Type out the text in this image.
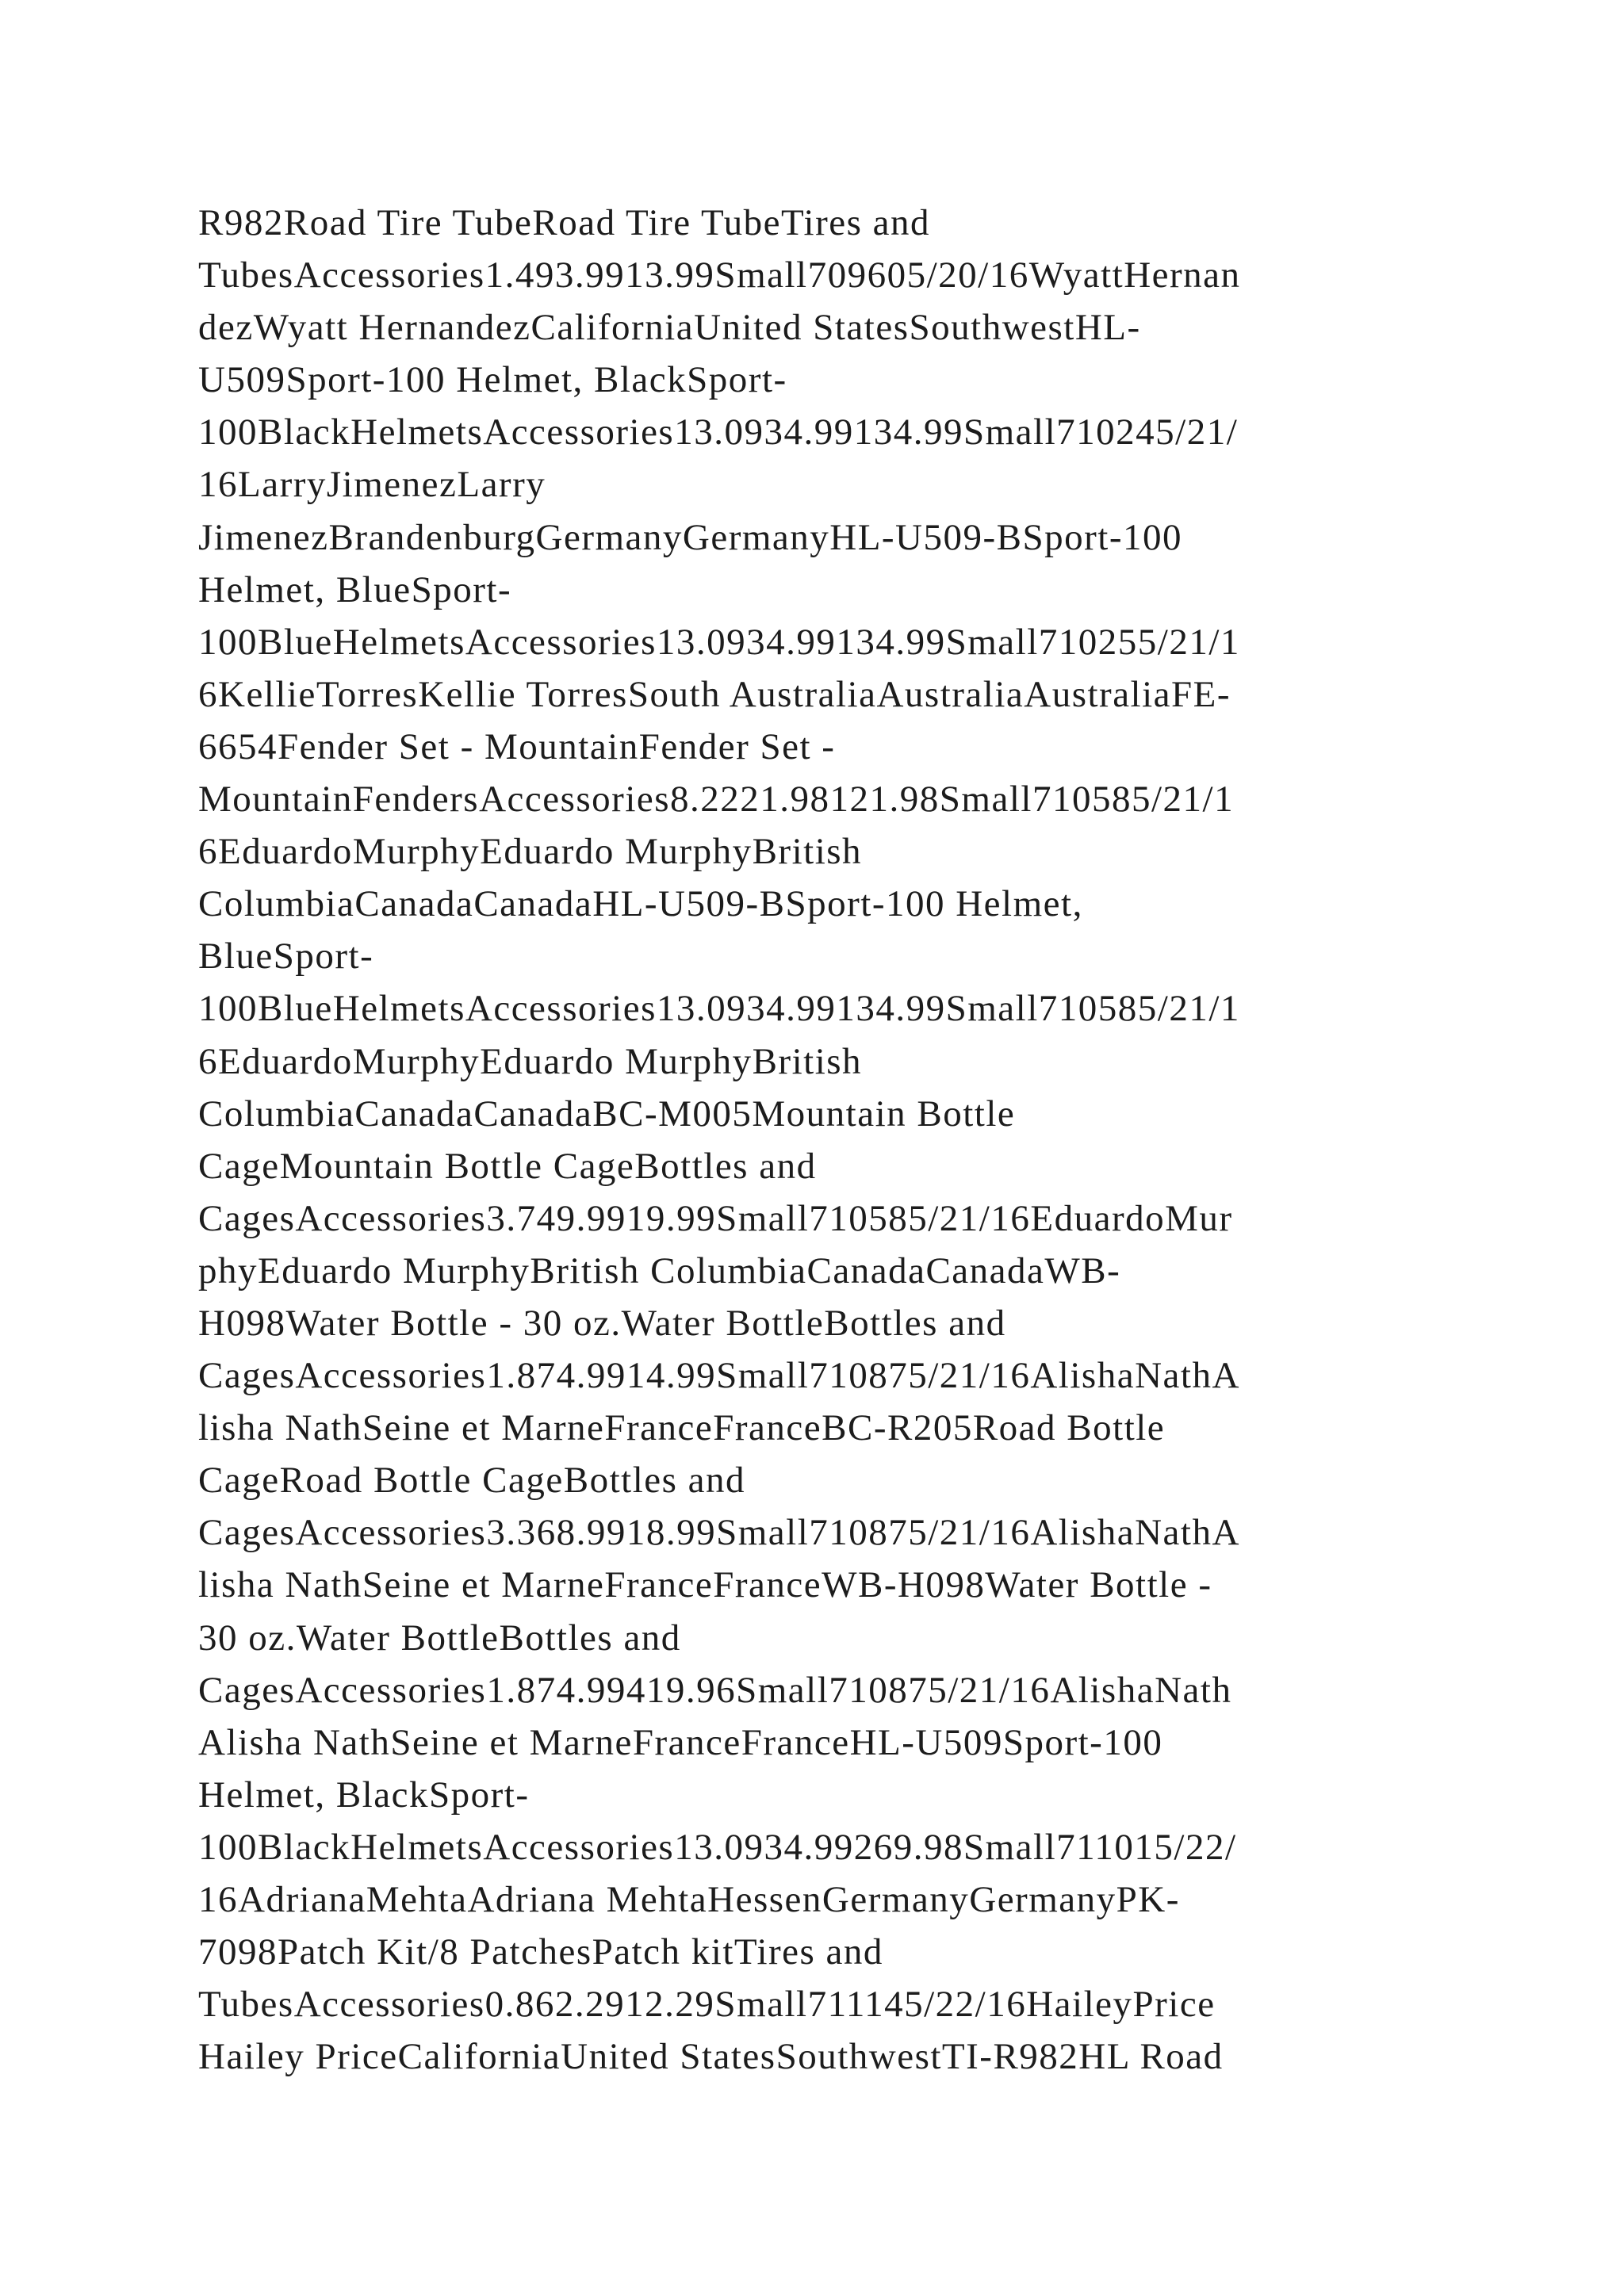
R982Road Tire TubeRoad Tire TubeTires and
TubesAccessories1.493.9913.99Small709605/20/16WyattHernan
dezWyatt HernandezCaliforniaUnited StatesSouthwestHL-
U509Sport-100 Helmet, BlackSport-
100BlackHelmetsAccessories13.0934.99134.99Small710245/21/
16LarryJimenezLarry
JimenezBrandenburgGermanyGermanyHL-U509-BSport-100
Helmet, BlueSport-
100BlueHelmetsAccessories13.0934.99134.99Small710255/21/1
6KellieTorresKellie TorresSouth AustraliaAustraliaAustraliaFE-
6654Fender Set - MountainFender Set -
MountainFendersAccessories8.2221.98121.98Small710585/21/1
6EduardoMurphyEduardo MurphyBritish
ColumbiaCanadaCanadaHL-U509-BSport-100 Helmet,
BlueSport-
100BlueHelmetsAccessories13.0934.99134.99Small710585/21/1
6EduardoMurphyEduardo MurphyBritish
ColumbiaCanadaCanadaBC-M005Mountain Bottle
CageMountain Bottle CageBottles and
CagesAccessories3.749.9919.99Small710585/21/16EduardoMur
phyEduardo MurphyBritish ColumbiaCanadaCanadaWB-
H098Water Bottle - 30 oz.Water BottleBottles and
CagesAccessories1.874.9914.99Small710875/21/16AlishaNathA
lisha NathSeine et MarneFranceFranceBC-R205Road Bottle
CageRoad Bottle CageBottles and
CagesAccessories3.368.9918.99Small710875/21/16AlishaNathA
lisha NathSeine et MarneFranceFranceWB-H098Water Bottle -
30 oz.Water BottleBottles and
CagesAccessories1.874.99419.96Small710875/21/16AlishaNath
Alisha NathSeine et MarneFranceFranceHL-U509Sport-100
Helmet, BlackSport-
100BlackHelmetsAccessories13.0934.99269.98Small711015/22/
16AdrianaMehtaAdriana MehtaHessenGermanyGermanyPK-
7098Patch Kit/8 PatchesPatch kitTires and
TubesAccessories0.862.2912.29Small711145/22/16HaileyPrice
Hailey PriceCaliforniaUnited StatesSouthwestTI-R982HL Road
